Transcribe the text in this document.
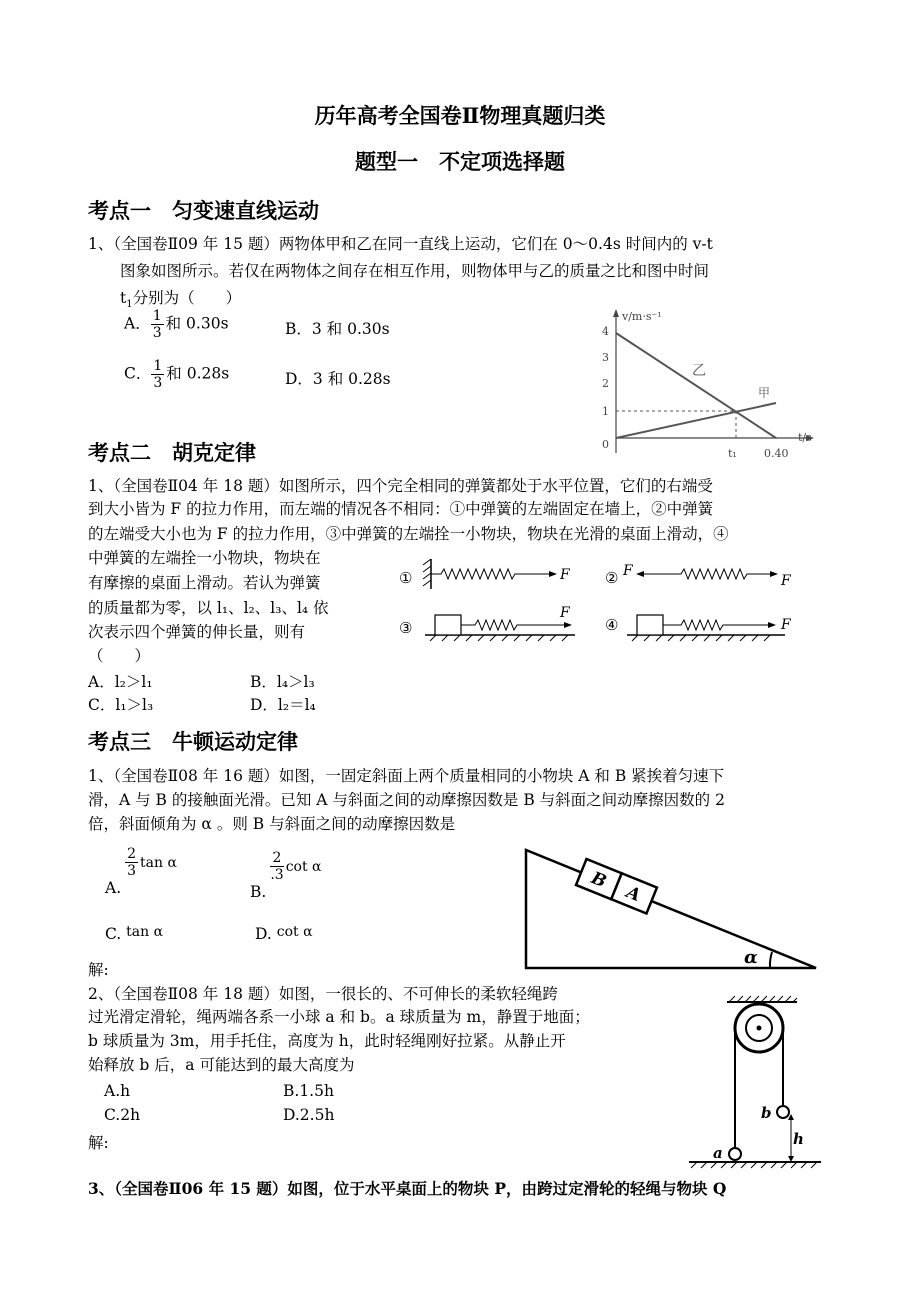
历年高考全国卷Ⅱ物理真题归类
题型一　不定项选择题
考点一　匀变速直线运动
1、（全国卷Ⅱ09 年 15 题）两物体甲和乙在同一直线上运动，它们在 0～0.4s 时间内的 v-t
图象如图所示。若仅在两物体之间存在相互作用，则物体甲与乙的质量之比和图中时间
$t_1$分别为（　　）
A． $\frac{1}{3}$ 和 0.30s	B．3 和 0.30s
C． $\frac{1}{3}$ 和 0.28s	D．3 和 0.28s
v/m·s⁻¹
t/s
4
3
2
1
0
t₁ 0.40
乙
甲
考点二　胡克定律
1、（全国卷Ⅱ04 年 18 题）如图所示，四个完全相同的弹簧都处于水平位置，它们的右端受
到大小皆为 F 的拉力作用，而左端的情况各不相同：①中弹簧的左端固定在墙上，②中弹簧
的左端受大小也为 F 的拉力作用，③中弹簧的左端拴一小物块，物块在光滑的桌面上滑动，④
中弹簧的左端拴一小物块，物块在
有摩擦的桌面上滑动。若认为弹簧
的质量都为零，以 l₁、l₂、l₃、l₄ 依
次表示四个弹簧的伸长量，则有
（　　）
A．l₂＞l₁	B．l₄＞l₃
C．l₁＞l₃	D．l₂＝l₄
①	F ② F
F
③
F
④	F
考点三　牛顿运动定律
1、（全国卷Ⅱ08 年 16 题）如图，一固定斜面上两个质量相同的小物块 A 和 B 紧挨着匀速下
滑，A 与 B 的接触面光滑。已知 A 与斜面之间的动摩擦因数是 B 与斜面之间动摩擦因数的 2
倍，斜面倾角为 α 。则 B 与斜面之间的动摩擦因数是
A.
$\frac{2}{3}$ tan α
B.
$\frac{2}{.3}$ cot α
C. tan α	D. cot α
解:
B
A
α
2、（全国卷Ⅱ08 年 18 题）如图，一很长的、不可伸长的柔软轻绳跨
过光滑定滑轮，绳两端各系一小球 a 和 b。a 球质量为 m，静置于地面；
b 球质量为 3m，用手托住，高度为 h，此时轻绳刚好拉紧。从静止开
始释放 b 后，a 可能达到的最大高度为
A.h	B.1.5h
C.2h	D.2.5h
解:
b
a
h
3、（全国卷Ⅱ06 年 15 题）如图，位于水平桌面上的物块 P，由跨过定滑轮的轻绳与物块 Q
